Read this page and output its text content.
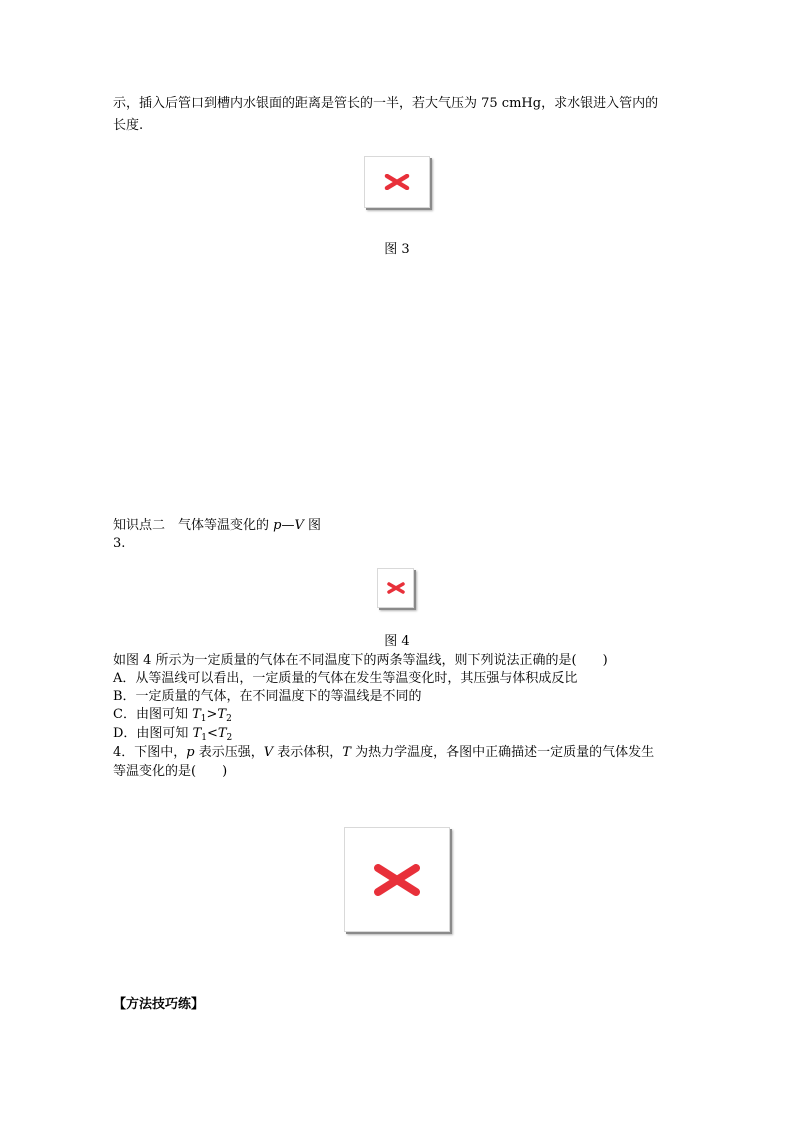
示，插入后管口到槽内水银面的距离是管长的一半，若大气压为 75 cmHg，求水银进入管内的
长度.
图 3
知识点二　气体等温变化的 p—V 图
3.
图 4
如图 4 所示为一定质量的气体在不同温度下的两条等温线，则下列说法正确的是(　　)
A．从等温线可以看出，一定质量的气体在发生等温变化时，其压强与体积成反比
B．一定质量的气体，在不同温度下的等温线是不同的
C．由图可知 $T_1>T_2$
D．由图可知 $T_1<T_2$
4．下图中，p 表示压强，V 表示体积，T 为热力学温度，各图中正确描述一定质量的气体发生
等温变化的是(　　)
【方法技巧练】
